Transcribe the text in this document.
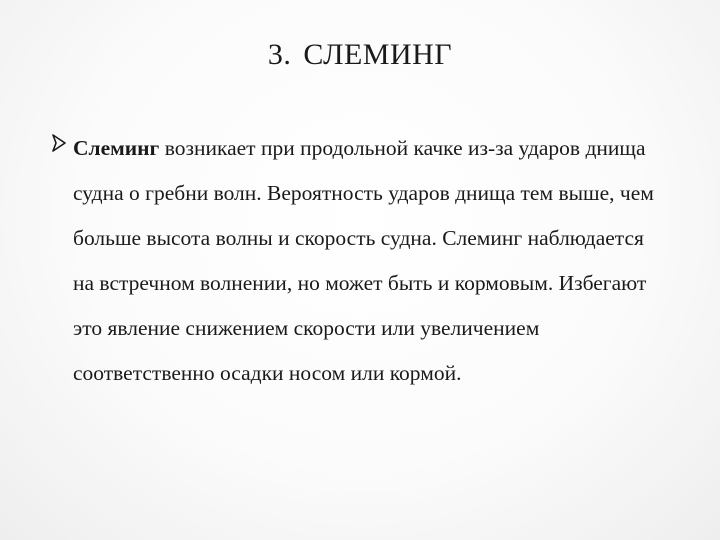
3. СЛЕМИНГ
Слеминг возникает при продольной качке из-за ударов днища судна о гребни волн. Вероятность ударов днища тем выше, чем больше высота волны и скорость судна. Слеминг наблюдается на встречном волнении, но может быть и кормовым. Избегают это явление снижением скорости или увеличением соответственно осадки носом или кормой.
